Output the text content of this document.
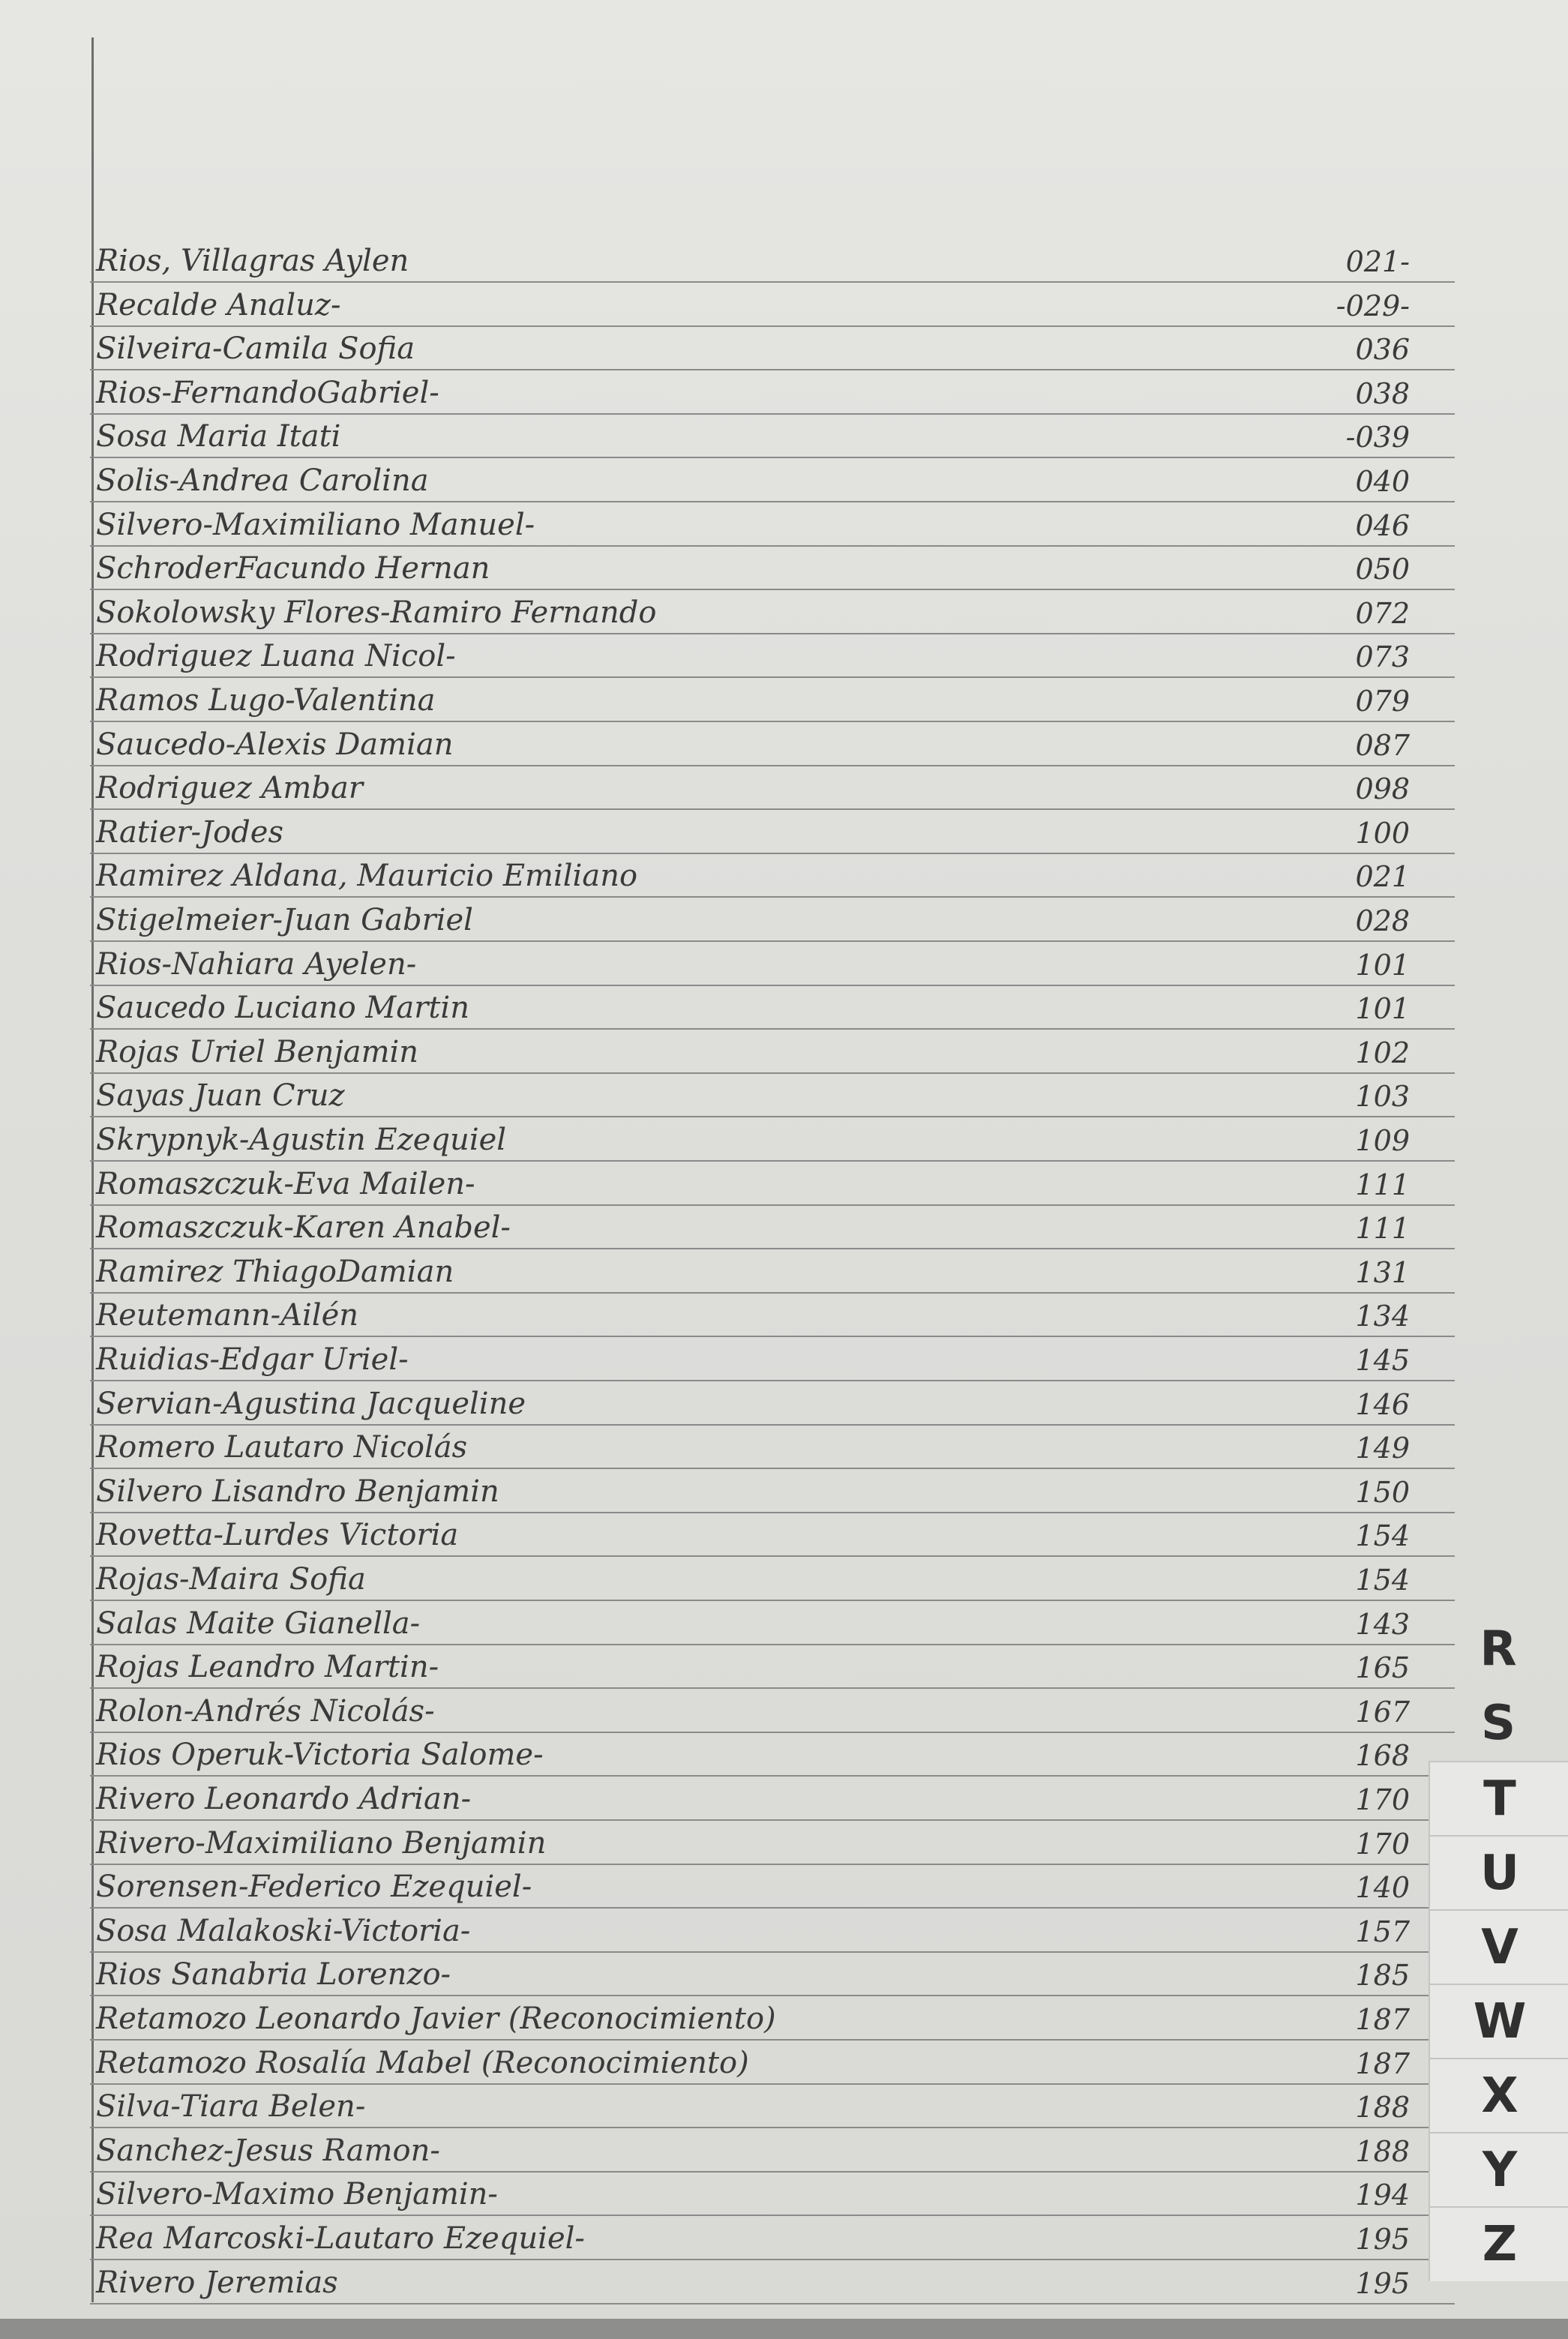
Rios, Villagras Aylen	021-
Recalde Analuz-	-029-
Silveira-Camila Sofia	036
Rios-FernandoGabriel-	038
Sosa Maria Itati	-039
Solis-Andrea Carolina	040
Silvero-Maximiliano Manuel-	046
SchroderFacundo Hernan	050
Sokolowsky Flores-Ramiro Fernando	072
Rodriguez Luana Nicol-	073
Ramos Lugo-Valentina	079
Saucedo-Alexis Damian	087
Rodriguez Ambar	098
Ratier-Jodes	100
Ramirez Aldana, Mauricio Emiliano	021
Stigelmeier-Juan Gabriel	028
Rios-Nahiara Ayelen-	101
Saucedo Luciano Martin	101
Rojas Uriel Benjamin	102
Sayas Juan Cruz	103
Skrypnyk-Agustin Ezequiel	109
Romaszczuk-Eva Mailen-	111
Romaszczuk-Karen Anabel-	111
Ramirez ThiagoDamian	131
Reutemann-Ailén	134
Ruidias-Edgar Uriel-	145
Servian-Agustina Jacqueline	146
Romero Lautaro Nicolás	149
Silvero Lisandro Benjamin	150
Rovetta-Lurdes Victoria	154
Rojas-Maira Sofia	154
Salas Maite Gianella-	143
Rojas Leandro Martin-	165
Rolon-Andrés Nicolás-	167
Rios Operuk-Victoria Salome-	168
Rivero Leonardo Adrian-	170
Rivero-Maximiliano Benjamin	170
Sorensen-Federico Ezequiel-	140
Sosa Malakoski-Victoria-	157
Rios Sanabria Lorenzo-	185
Retamozo Leonardo Javier (Reconocimiento)	187
Retamozo Rosalía Mabel (Reconocimiento)	187
Silva-Tiara Belen-	188
Sanchez-Jesus Ramon-	188
Silvero-Maximo Benjamin-	194
Rea Marcoski-Lautaro Ezequiel-	195
Rivero Jeremias	195
R
S
T
U
V
W
X
Y
Z
